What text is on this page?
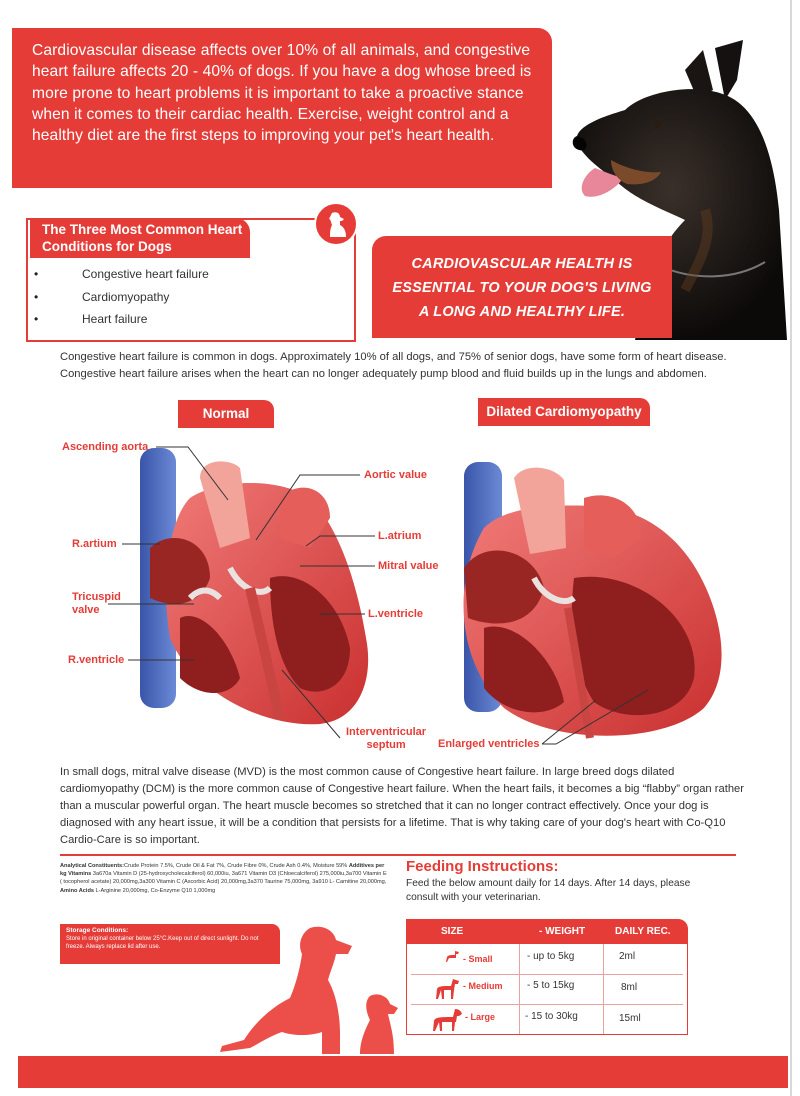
Cardiovascular disease affects over 10% of all animals, and congestive heart failure affects 20 - 40% of dogs. If you have a dog whose breed is more prone to heart problems it is important to take a proactive stance when it comes to their cardiac health. Exercise, weight control and a healthy diet are the first steps to improving your pet's heart health.

The Three Most Common Heart Conditions for Dogs
• Congestive heart failure
• Cardiomyopathy
• Heart failure
CARDIOVASCULAR HEALTH IS
ESSENTIAL TO YOUR DOG'S LIVING
A LONG AND HEALTHY LIFE.

Congestive heart failure is common in dogs. Approximately 10% of all dogs, and 75% of senior dogs, have some form of heart disease. Congestive heart failure arises when the heart can no longer adequately pump blood and fluid builds up in the lungs and abdomen.

Normal	Dilated Cardiomyopathy
Ascending aorta
Aortic value
R.artium
L.atrium
Mitral value
Tricuspid
valve	L.ventricle
R.ventricle
Interventricular
septum	Enlarged ventricles

In small dogs, mitral valve disease (MVD) is the most common cause of Congestive heart failure. In large breed dogs dilated cardiomyopathy (DCM) is the more common cause of Congestive heart failure. When the heart fails, it becomes a big “flabby” organ rather than a muscular powerful organ. The heart muscle becomes so stretched that it can no longer contract effectively. Once your dog is diagnosed with any heart issue, it will be a condition that persists for a lifetime. That is why taking care of your dog's heart with Co-Q10 Cardio-Care is so important.

Analytical Constituents:Crude Protein 7.5%, Crude Oil & Fat 7%, Crude Fibre 0%, Crude Ash 0.4%, Moisture 59% Additives per kg Vitamins 3a670a Vitamin D (25-hydroxycholecalciferol) 60,000iu, 3a671 Vitamin D3 (Chloecalciferol) 275,000iu,3a700 Vitamin E ( tocopherol acetate) 20,000mg,3a300 Vitamin C (Ascorbic Acid) 20,000mg,3a370 Taurine 75,000mg, 3a910 L- Carnitine 20,000mg, Amino Acids L-Arginine 20,000mg, Co-Enzyme Q10 1,000mg
Storage Conditions:
Store in original container below 25°C.Keep out of direct sunlight. Do not freeze. Always replace lid after use.
Feeding Instructions:

Feed the below amount daily for 14 days. After 14 days, please consult with your veterinarian.

SIZE	- WEIGHT	DAILY REC.
- Small	- up to 5kg	2ml
- Medium - 5 to 15kg	8ml
- Large	- 15 to 30kg	15ml
